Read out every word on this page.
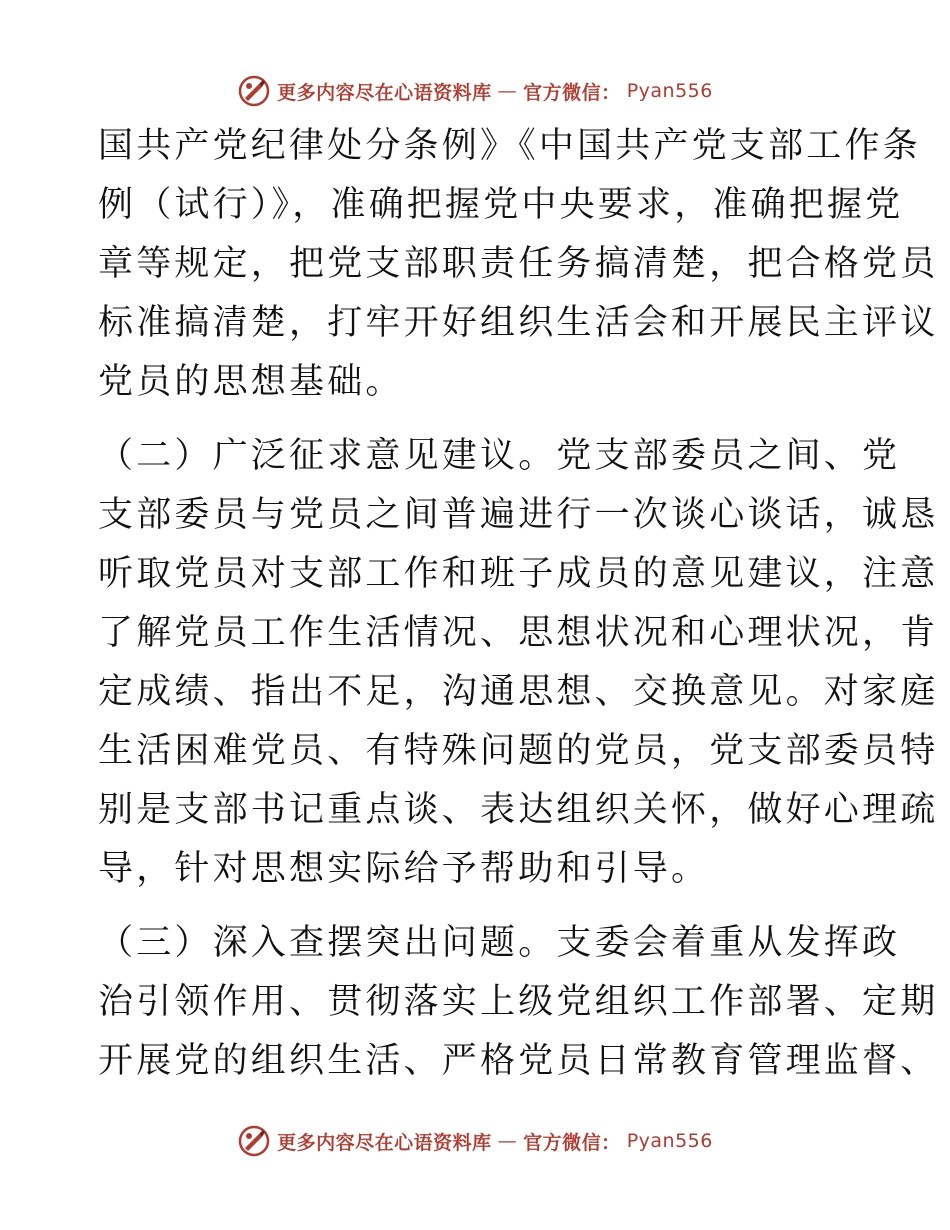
更多内容尽在心语资料库 — 官方微信： Pyan556

国共产党纪律处分条例》《中国共产党支部工作条
例（试行）》，准确把握党中央要求，准确把握党
章等规定，把党支部职责任务搞清楚，把合格党员
标准搞清楚，打牢开好组织生活会和开展民主评议
党员的思想基础。

（二）广泛征求意见建议。党支部委员之间、党
支部委员与党员之间普遍进行一次谈心谈话，诚恳
听取党员对支部工作和班子成员的意见建议，注意
了解党员工作生活情况、思想状况和心理状况，肯
定成绩、指出不足，沟通思想、交换意见。对家庭
生活困难党员、有特殊问题的党员，党支部委员特
别是支部书记重点谈、表达组织关怀，做好心理疏
导，针对思想实际给予帮助和引导。

（三）深入查摆突出问题。支委会着重从发挥政
治引领作用、贯彻落实上级党组织工作部署、定期
开展党的组织生活、严格党员日常教育管理监督、

更多内容尽在心语资料库 — 官方微信： Pyan556
